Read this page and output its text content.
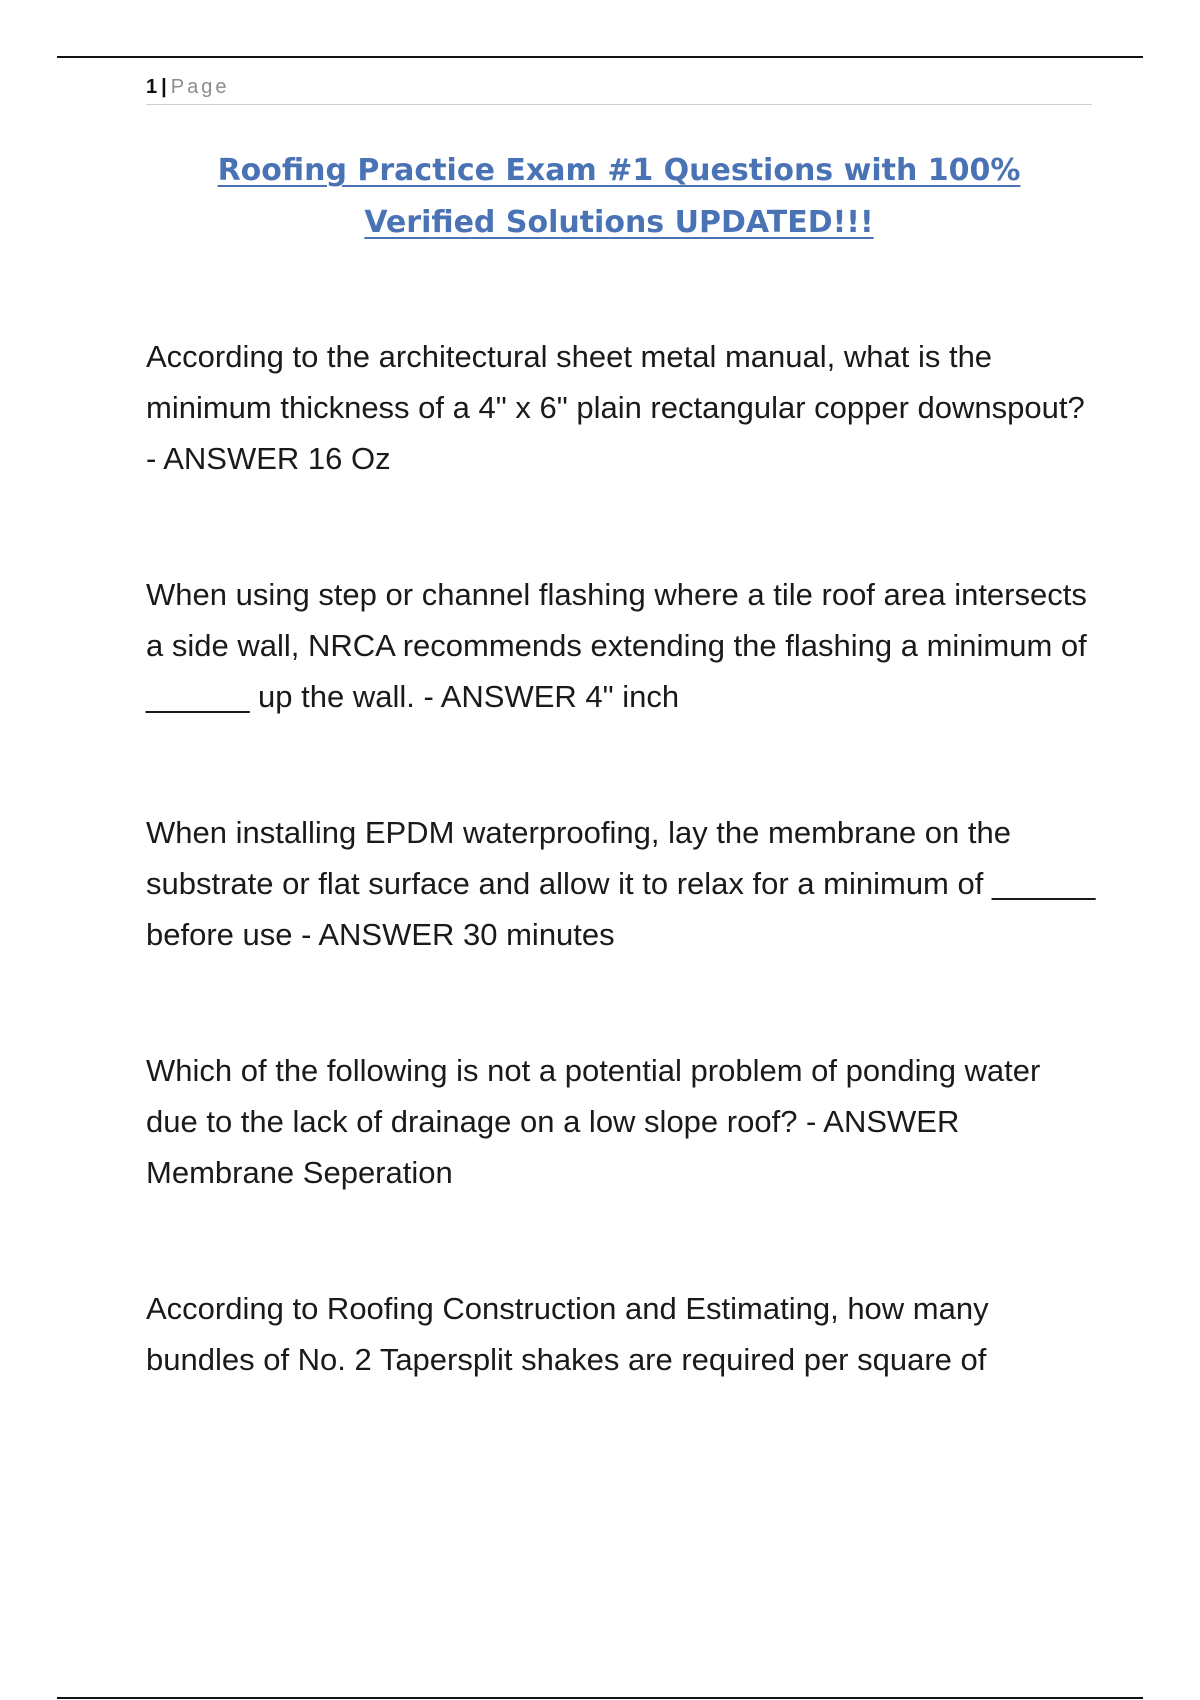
1 | Page
Roofing Practice Exam #1 Questions with 100%
Verified Solutions UPDATED!!!

According to the architectural sheet metal manual, what is the minimum thickness of a 4" x 6" plain rectangular copper downspout? - ANSWER 16 Oz

When using step or channel flashing where a tile roof area intersects a side wall, NRCA recommends extending the flashing a minimum of ______ up the wall. - ANSWER 4" inch

When installing EPDM waterproofing, lay the membrane on the substrate or flat surface and allow it to relax for a minimum of ______ before use - ANSWER 30 minutes

Which of the following is not a potential problem of ponding water due to the lack of drainage on a low slope roof? - ANSWER Membrane Seperation

According to Roofing Construction and Estimating, how many bundles of No. 2 Tapersplit shakes are required per square of
